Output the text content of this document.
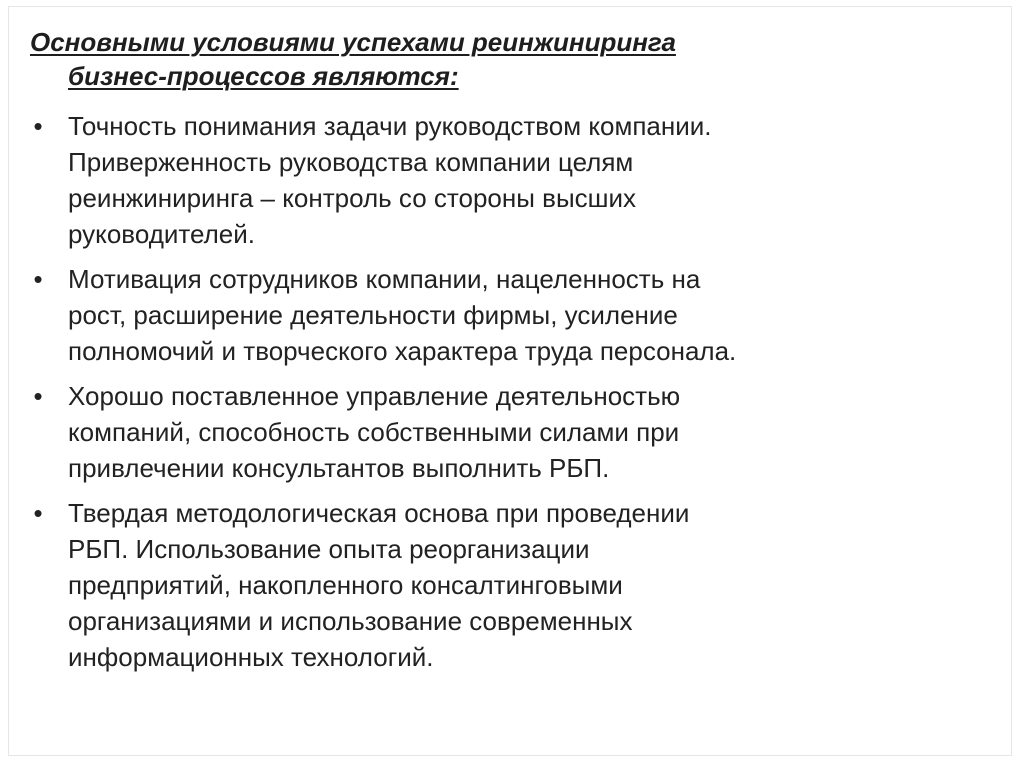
Основными условиями успехами реинжиниринга
бизнес-процессов являются:
• Точность понимания задачи руководством компании.
Приверженность руководства компании целям
реинжиниринга – контроль со стороны высших
руководителей.
• Мотивация сотрудников компании, нацеленность на
рост, расширение деятельности фирмы, усиление
полномочий и творческого характера труда персонала.
• Хорошо поставленное управление деятельностью
компаний, способность собственными силами при
привлечении консультантов выполнить РБП.
• Твердая методологическая основа при проведении
РБП. Использование опыта реорганизации
предприятий, накопленного консалтинговыми
организациями и использование современных
информационных технологий.
